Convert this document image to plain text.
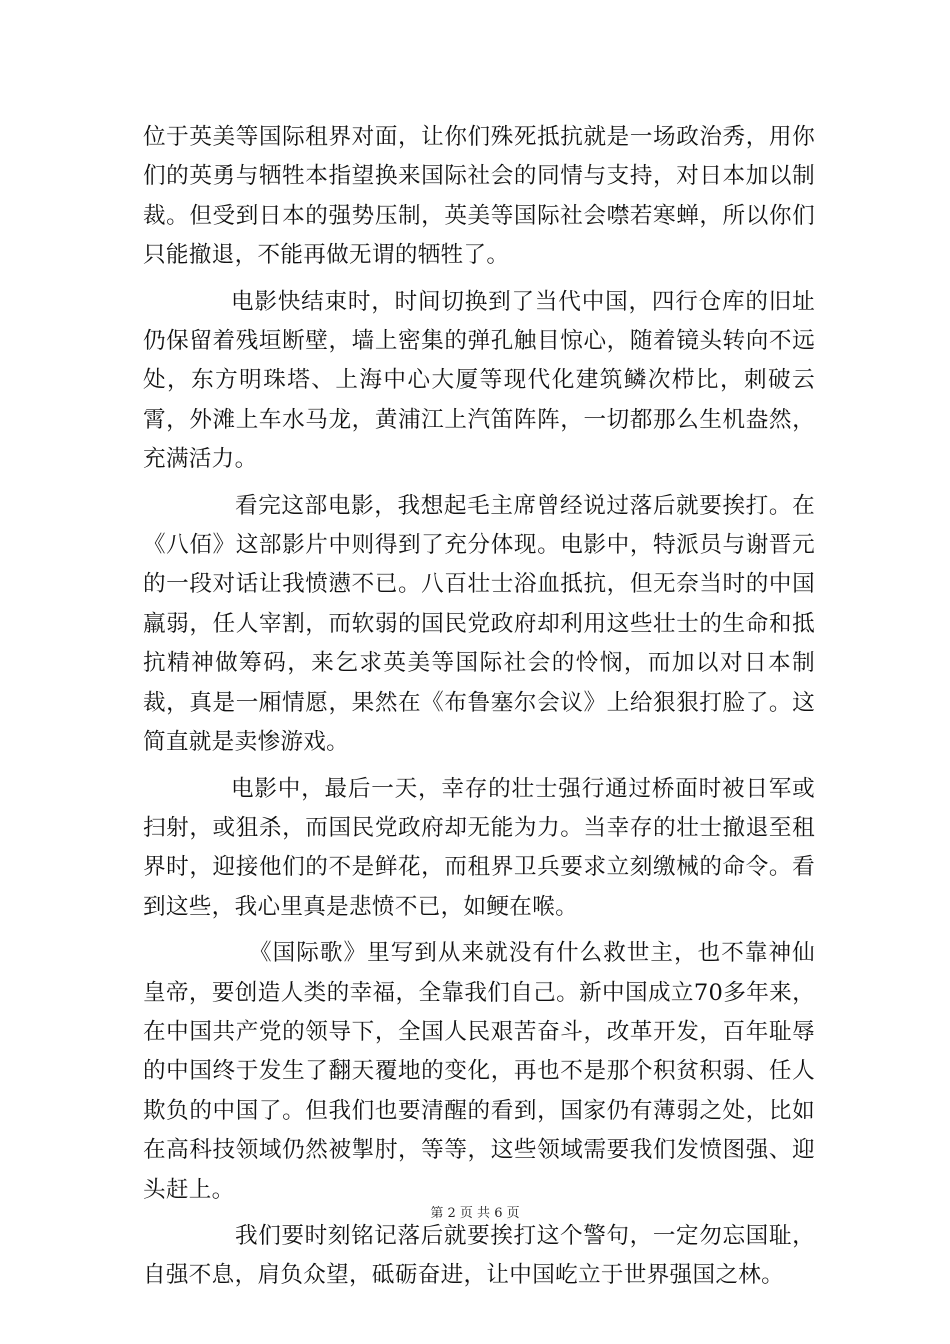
位于英美等国际租界对面，让你们殊死抵抗就是一场政治秀，用你们的英勇与牺牲本指望换来国际社会的同情与支持，对日本加以制裁。但受到日本的强势压制，英美等国际社会噤若寒蝉，所以你们只能撤退，不能再做无谓的牺牲了。

电影快结束时，时间切换到了当代中国，四行仓库的旧址仍保留着残垣断壁，墙上密集的弹孔触目惊心，随着镜头转向不远处，东方明珠塔、上海中心大厦等现代化建筑鳞次栉比，刺破云霄，外滩上车水马龙，黄浦江上汽笛阵阵，一切都那么生机盎然，充满活力。

看完这部电影，我想起毛主席曾经说过落后就要挨打。在《八佰》这部影片中则得到了充分体现。电影中，特派员与谢晋元的一段对话让我愤懑不已。八百壮士浴血抵抗，但无奈当时的中国羸弱，任人宰割，而软弱的国民党政府却利用这些壮士的生命和抵抗精神做筹码，来乞求英美等国际社会的怜悯，而加以对日本制裁，真是一厢情愿，果然在《布鲁塞尔会议》上给狠狠打脸了。这简直就是卖惨游戏。

电影中，最后一天，幸存的壮士强行通过桥面时被日军或扫射，或狙杀，而国民党政府却无能为力。当幸存的壮士撤退至租界时，迎接他们的不是鲜花，而租界卫兵要求立刻缴械的命令。看到这些，我心里真是悲愤不已，如鲠在喉。

《国际歌》里写到从来就没有什么救世主，也不靠神仙皇帝，要创造人类的幸福，全靠我们自己。新中国成立70多年来，在中国共产党的领导下，全国人民艰苦奋斗，改革开发，百年耻辱的中国终于发生了翻天覆地的变化，再也不是那个积贫积弱、任人欺负的中国了。但我们也要清醒的看到，国家仍有薄弱之处，比如在高科技领域仍然被掣肘，等等，这些领域需要我们发愤图强、迎头赶上。

我们要时刻铭记落后就要挨打这个警句，一定勿忘国耻，自强不息，肩负众望，砥砺奋进，让中国屹立于世界强国之林。

第 2 页 共 6 页
